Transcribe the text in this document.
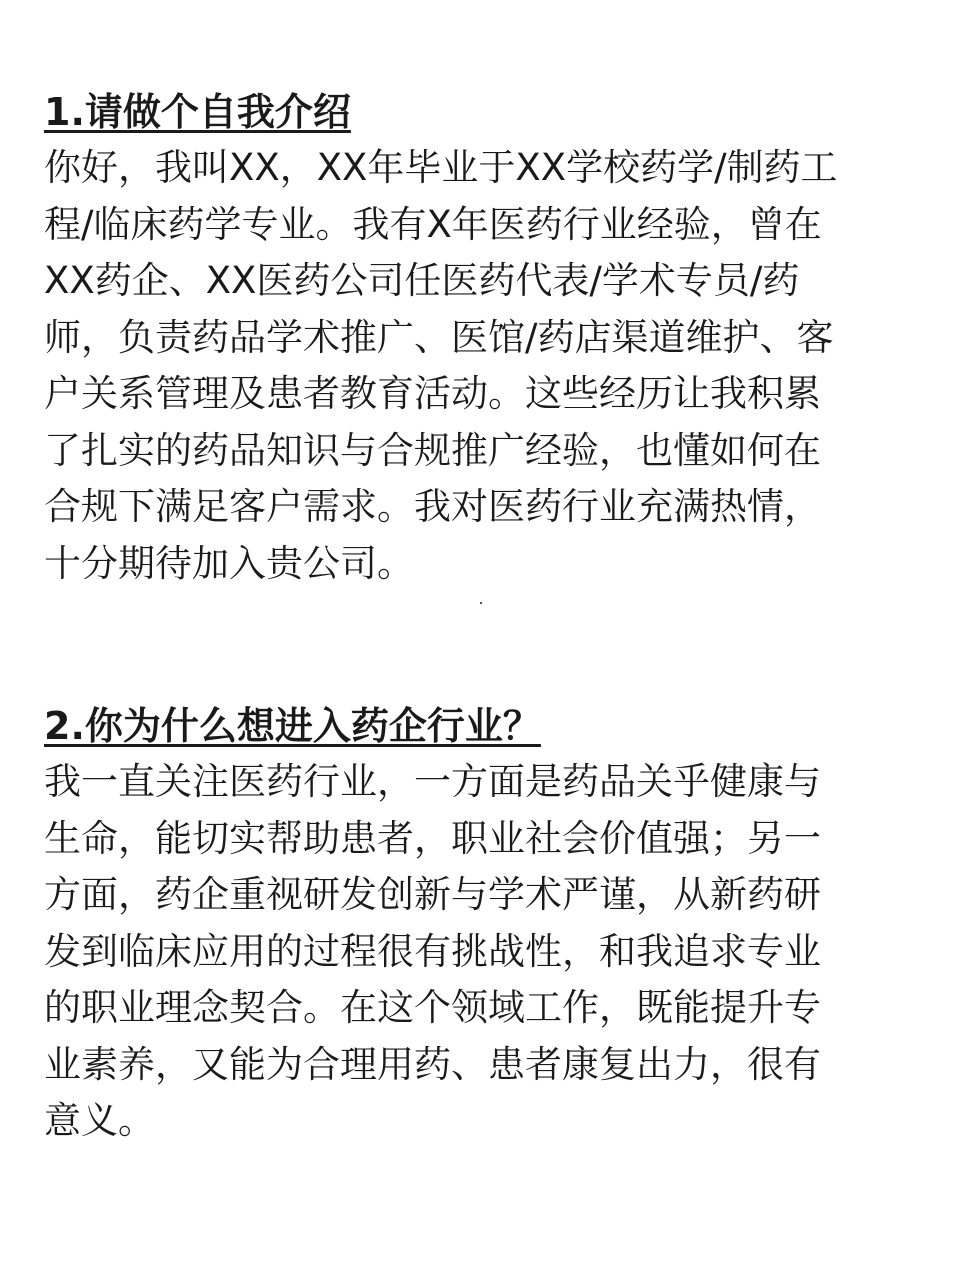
1.请做个自我介绍
你好，我叫XX，XX年毕业于XX学校药学/制药工
程/临床药学专业。我有X年医药行业经验，曾在
XX药企、XX医药公司任医药代表/学术专员/药
师，负责药品学术推广、医馆/药店渠道维护、客
户关系管理及患者教育活动。这些经历让我积累
了扎实的药品知识与合规推广经验，也懂如何在
合规下满足客户需求。我对医药行业充满热情，
十分期待加入贵公司。
2.你为什么想进入药企行业？
我一直关注医药行业，一方面是药品关乎健康与
生命，能切实帮助患者，职业社会价值强；另一
方面，药企重视研发创新与学术严谨，从新药研
发到临床应用的过程很有挑战性，和我追求专业
的职业理念契合。在这个领域工作，既能提升专
业素养，又能为合理用药、患者康复出力，很有
意义。
